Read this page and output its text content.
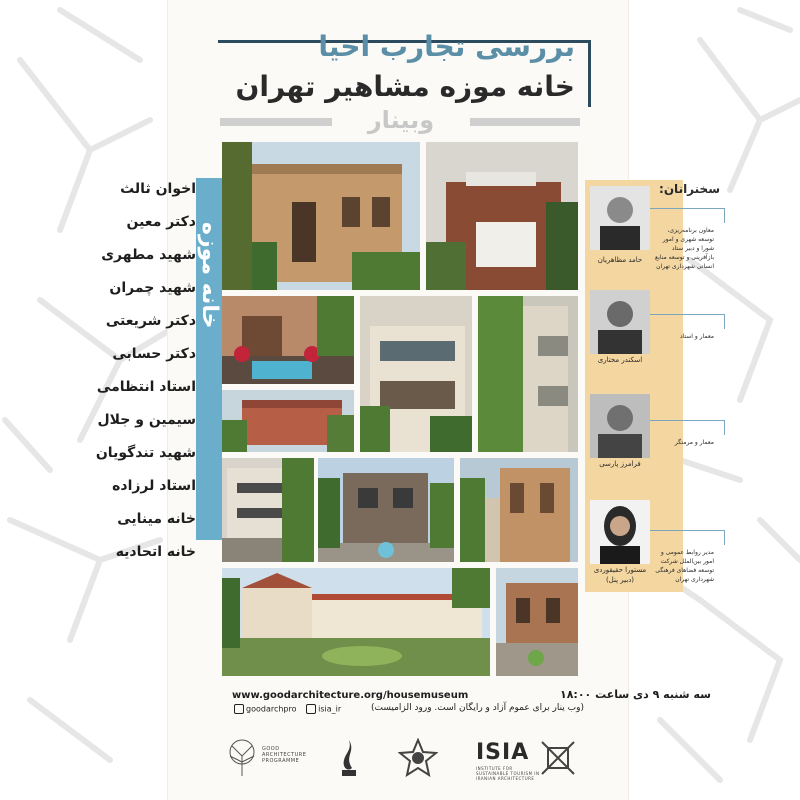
بررسی تجارب احیا
خانه موزه مشاهیر تهران
وبینار
اخوان ثالث
دکتر معین
شهید مطهری
شهید چمران
دکتر شریعتی
دکتر حسابی
استاد انتظامی
سیمین و جلال
شهید تندگویان
استاد لرزاده
خانه مینایی
خانه اتحادیه
خانه موزه
سخنرانان:
حامد مظاهریان
معاون برنامه‌ریزی، توسعه شهری و امور شورا و دبیر ستاد بازآفرینی و توسعه منابع انسانی شهرداری تهران
اسکندر مختاری
معمار و استاد
فرامرز پارسی
معمار و مرمتگر
مستورا حقیقوردی
(دبیر پنل)
مدیر روابط عمومی و امور بین‌الملل شرکت توسعه فضاهای فرهنگی شهرداری تهران
www.goodarchitecture.org/housemuseum	سه شنبه ۹ دی ساعت ۱۸:۰۰
goodarchpro	isia_ir	(وب ینار برای عموم آزاد و رایگان است. ورود الزامیست)
GOOD ARCHITECTURE PROGRAMME	ISIA
INSTITUTE FOR SUSTAINABLE TOURISM IN IRANIAN ARCHITECTURE
